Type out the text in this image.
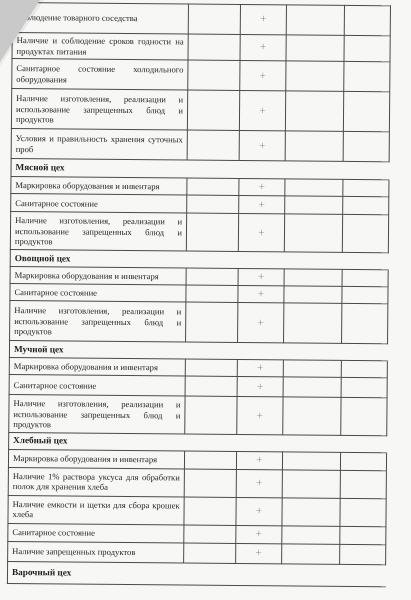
…блюдение товарного соседства		+		
Наличие и соблюдение сроков годности на продуктах питания		+		
Санитарное состояние холодильного оборудования		+		
Наличие изготовления, реализации и использование запрещенных блюд и продуктов		+		
Условия и правильность хранения суточных проб		+		
Мясной цех				
Маркировка оборудования и инвентаря		+		
Санитарное состояние		+		
Наличие изготовления, реализации и использование запрещенных блюд и продуктов		+		
Овощной цех				
Маркировка оборудования и инвентаря		+		
Санитарное состояние		+		
Наличие изготовления, реализации и использование запрещенных блюд и продуктов		+		
Мучной цех				
Маркировка оборудования и инвентаря		+		
Санитарное состояние		+		
Наличие изготовления, реализации и использование запрещенных блюд и продуктов		+		
Хлебный цех				
Маркировка оборудования и инвентаря		+		
Наличие 1% раствора уксуса для обработки полок для хранения хлеба		+		
Наличие емкости и щетки для сбора крошек хлеба		+		
Санитарное состояние		+		
Наличие запрещенных продуктов		+		
Варочный цех				
